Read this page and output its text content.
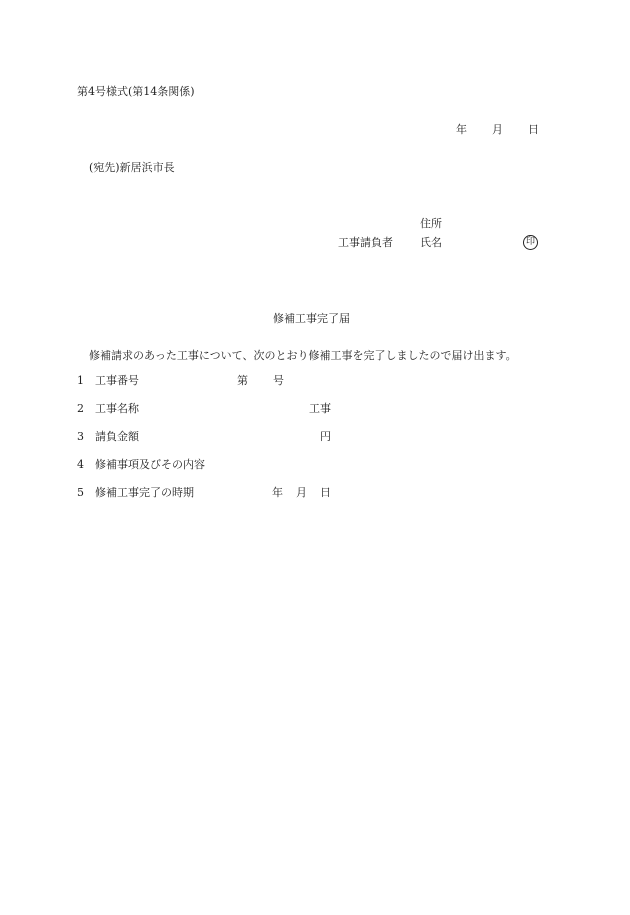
第4号様式(第14条関係)
年 月 日
(宛先)新居浜市長
住所
工事請負者 氏名	印
修補工事完了届
修補請求のあった工事について、次のとおり修補工事を完了しましたので届け出ます。
1 工事番号	第 号
2 工事名称	工事
3 請負金額	円
4 修補事項及びその内容
5 修補工事完了の時期	年 月 日
